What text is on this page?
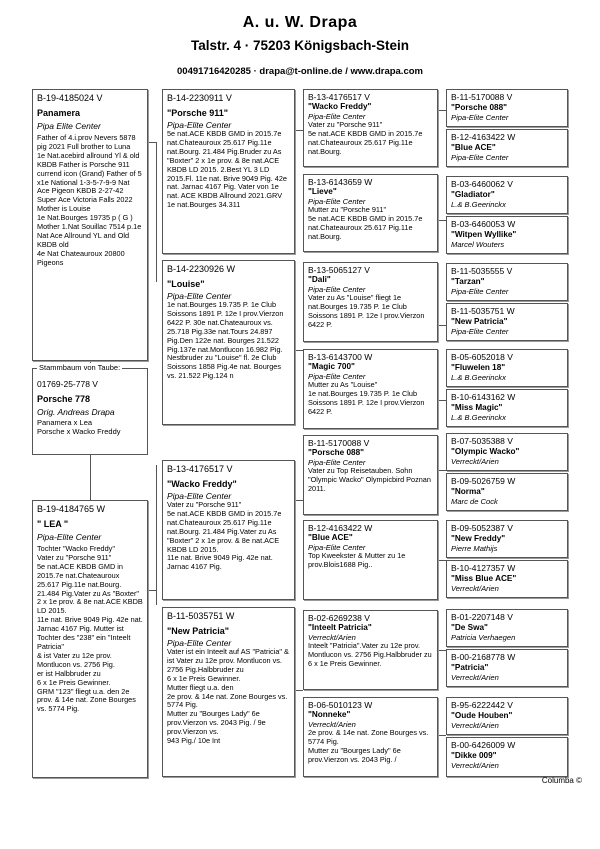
A. u. W. Drapa
Talstr. 4 · 75203 Königsbach-Stein
00491716420285 · drapa@t-online.de / www.drapa.com
B-19-4185024 V
Panamera
Pipa Elite Center
Father of 4.i.prov Nevers 5878 pig 2021 Full brother to Luna
1e Nat.acebird allround Yl & old KBDB Father is Porsche 911 currend icon (Grand) Father of 5 x1e National 1-3-5-7-9-9 Nat Ace Pigeon KBDB 2-27-42 Super Ace Victoria Falls 2022 Mother is Louise
1e Nat.Bourges 19735 p ( G ) Mother 1.Nat Souillac 7514 p.1e Nat Ace Allround YL and Old KBDB old
4e Nat Chateauroux 20800 Pigeons
Stammbaum von Taube:
01769-25-778 V
Porsche 778
Orig. Andreas Drapa
Panamera x Lea
Porsche x Wacko Freddy
B-19-4184765 W
" LEA "
Pipa-Elite Center
Tochter "Wacko Freddy"
Vater zu "Porsche 911"
5e nat.ACE KBDB GMD in 2015.7e nat.Chateauroux 25.617 Pig.11e nat.Bourg. 21.484 Pig.Vater zu As "Boxter" 2 x 1e prov. & 8e nat.ACE KBDB LD 2015.
11e nat. Brive 9049 Pig. 42e nat. Jarnac 4167 Pig. Mutter ist Tochter des "238" ein "Inteelt Patricia"
& ist Vater zu 12e prov. Montlucon vs. 2756 Pig.
er ist Halbbruder zu
6 x 1e Preis Gewinner.
GRM "123" fliegt u.a. den 2e prov. & 14e nat. Zone Bourges vs. 5774 Pig.
B-14-2230911 V
"Porsche 911"
Pipa-Elite Center
5e nat.ACE KBDB GMD in 2015.7e nat.Chateauroux 25.617 Pig.11e nat.Bourg. 21.484 Pig.Bruder zu As "Boxter" 2 x 1e prov. & 8e nat.ACE KBDB LD 2015. 2.Best YL 3 LD 2015.Fl. 11e nat. Brive 9049 Pig. 42e nat. Jarnac 4167 Pig. Vater von 1e nat. ACE KBDB Allround 2021.GRV
1e nat.Bourges 34.311
B-14-2230926 W
"Louise"
Pipa-Elite Center
1e nat.Bourges 19.735 P. 1e Club Soissons 1891 P. 12e I prov.Vierzon 6422 P. 30e nat.Chateauroux vs. 25.718 Pig.33e nat.Tours 24.897 Pig.Den 122e nat. Bourges 21.522 Pig.137e nat.Montlucon 16.982 Pig. Nestbruder zu "Louise" fl. 2e Club Soissons 1858 Pig.4e nat. Bourges vs. 21.522 Pig.124 n
B-13-4176517 V
"Wacko Freddy"
Pipa-Elite Center
Vater zu "Porsche 911"
5e nat.ACE KBDB GMD in 2015.7e nat.Chateauroux 25.617 Pig.11e nat.Bourg. 21.484 Pig.Vater zu As "Boxter" 2 x 1e prov. & 8e nat.ACE KBDB LD 2015.
11e nat. Brive 9049 Pig. 42e nat. Jarnac 4167 Pig.
B-11-5035751 W
"New Patricia"
Pipa-Elite Center
Vater ist ein Inteelt auf AS "Patricia" & ist Vater zu 12e prov. Montlucon vs. 2756 Pig.Halbbruder zu
6 x 1e Preis Gewinner.
Mutter fliegt u.a. den
2e prov. & 14e nat. Zone Bourges vs. 5774 Pig.
Mutter zu "Bourges Lady" 6e prov.Vierzon vs. 2043 Pig. / 9e prov.Vierzon vs.
943 Pig./ 10e Int
B-13-4176517 V
"Wacko Freddy"
Pipa-Elite Center
Vater zu "Porsche 911"
5e nat.ACE KBDB GMD in 2015.7e nat.Chateauroux 25.617 Pig.11e nat.Bourg.
B-13-6143659 W
"Lieve"
Pipa-Elite Center
Mutter zu "Porsche 911"
5e nat.ACE KBDB GMD in 2015.7e nat.Chateauroux 25.617 Pig.11e nat.Bourg.
B-13-5065127 V
"Dali"
Pipa-Elite Center
Vater zu As "Louise" fliegt 1e nat.Bourges 19.735 P. 1e Club Soissons 1891 P. 12e I prov.Vierzon 6422 P.
B-13-6143700 W
"Magic 700"
Pipa-Elite Center
Mutter zu As "Louise"
1e nat.Bourges 19.735 P. 1e Club Soissons 1891 P. 12e I prov.Vierzon 6422 P.
B-11-5170088 V
"Porsche 088"
Pipa-Elite Center
Vater zu Top Reisetauben. Sohn "Olympic Wacko" Olympicbird Poznan 2011.
B-12-4163422 W
"Blue ACE"
Pipa-Elite Center
Top Kweekster & Mutter zu 1e prov.Blois1688 Pig..
B-02-6269238 V
"Inteelt Patricia"
Verreckt/Arien
Inteelt "Patricia".Vater zu 12e prov. Montlucon vs. 2756 Pig.Halbbruder zu
6 x 1e Preis Gewinner.
B-06-5010123 W
"Nonneke"
Verreckt/Arien
2e prov. & 14e nat. Zone Bourges vs. 5774 Pig.
Mutter zu "Bourges Lady" 6e prov.Vierzon vs. 2043 Pig. /
B-11-5170088 V
"Porsche 088"
Pipa-Elite Center
B-12-4163422 W
"Blue ACE"
Pipa-Elite Center
B-03-6460062 V
"Gladiator"
L.& B.Geerinckx
B-03-6460053 W
"Witpen Wyllike"
Marcel Wouters
B-11-5035555 V
"Tarzan"
Pipa-Elite Center
B-11-5035751 W
"New Patricia"
Pipa-Elite Center
B-05-6052018 V
"Fluwelen 18"
L.& B.Geerinckx
B-10-6143162 W
"Miss Magic"
L.& B.Geerinckx
B-07-5035388 V
"Olympic Wacko"
Verreckt/Arien
B-09-5026759 W
"Norma"
Marc de Cock
B-09-5052387 V
"New Freddy"
Pierre Mathijs
B-10-4127357 W
"Miss Blue ACE"
Verreckt/Arien
B-01-2207148 V
"De Swa"
Patricia Verhaegen
B-00-2168778 W
"Patricia"
Verreckt/Arien
B-95-6222442 V
"Oude Houben"
Verreckt/Arien
B-00-6426009 W
"Dikke 009"
Verreckt/Arien
Columba ©
